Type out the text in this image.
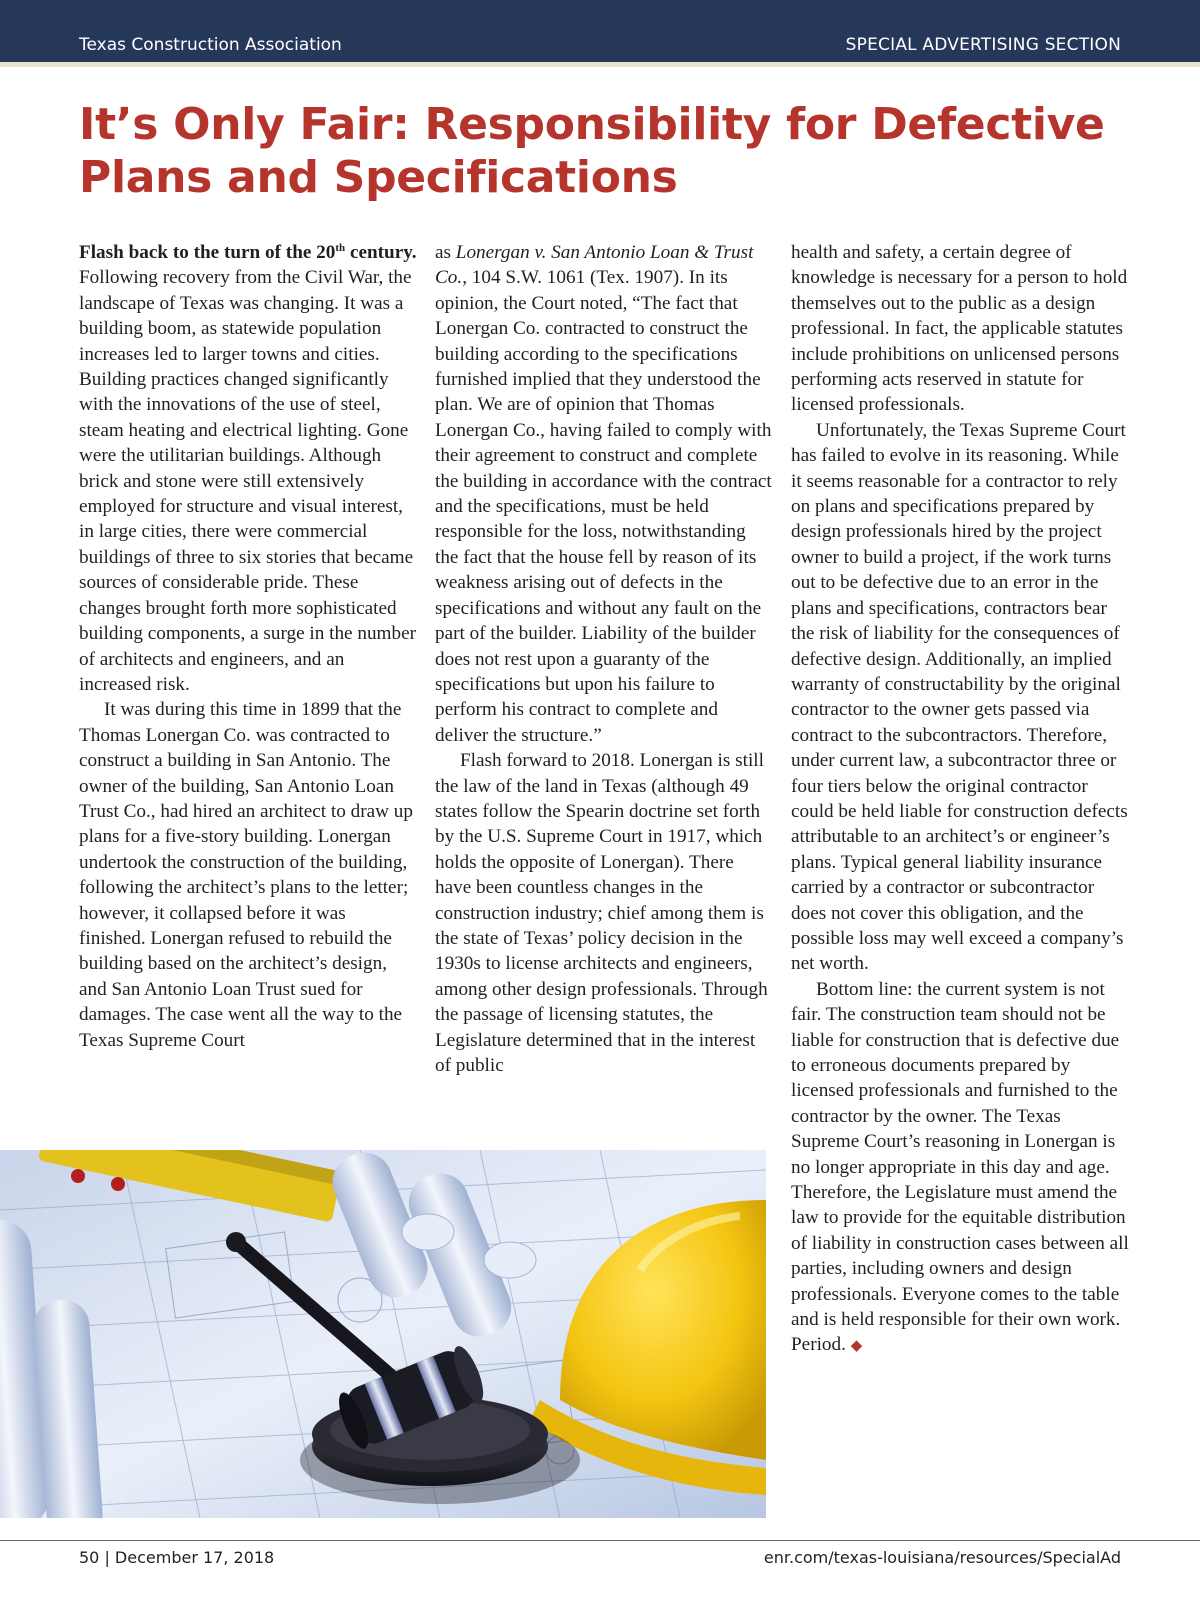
Texas Construction Association	SPECIAL ADVERTISING SECTION
It’s Only Fair: Responsibility for Defective Plans and Specifications

Flash back to the turn of the 20th century. Following recovery from the Civil War, the landscape of Texas was changing. It was a building boom, as statewide population increases led to larger towns and cities. Building practices changed significantly with the innovations of the use of steel, steam heating and electrical lighting. Gone were the utilitarian buildings. Although brick and stone were still extensively employed for structure and visual interest, in large cities, there were commercial buildings of three to six stories that became sources of considerable pride. These changes brought forth more sophisticated building components, a surge in the number of architects and engineers, and an increased risk.

It was during this time in 1899 that the Thomas Lonergan Co. was contracted to construct a building in San Antonio. The owner of the building, San Antonio Loan Trust Co., had hired an architect to draw up plans for a five-story building. Lonergan undertook the construction of the building, following the architect’s plans to the letter; however, it collapsed before it was finished. Lonergan refused to rebuild the building based on the architect’s design, and San Antonio Loan Trust sued for damages. The case went all the way to the Texas Supreme Court

as Lonergan v. San Antonio Loan & Trust Co., 104 S.W. 1061 (Tex. 1907). In its opinion, the Court noted, “The fact that Lonergan Co. contracted to construct the building according to the specifications furnished implied that they understood the plan. We are of opinion that Thomas Lonergan Co., having failed to comply with their agreement to construct and complete the building in accordance with the contract and the specifications, must be held responsible for the loss, notwithstanding the fact that the house fell by reason of its weakness arising out of defects in the specifications and without any fault on the part of the builder. Liability of the builder does not rest upon a guaranty of the specifications but upon his failure to perform his contract to complete and deliver the structure.”

Flash forward to 2018. Lonergan is still the law of the land in Texas (although 49 states follow the Spearin doctrine set forth by the U.S. Supreme Court in 1917, which holds the opposite of Lonergan). There have been countless changes in the construction industry; chief among them is the state of Texas’ policy decision in the 1930s to license architects and engineers, among other design professionals. Through the passage of licensing statutes, the Legislature determined that in the interest of public

health and safety, a certain degree of knowledge is necessary for a person to hold themselves out to the public as a design professional. In fact, the applicable statutes include prohibitions on unlicensed persons performing acts reserved in statute for licensed professionals.

Unfortunately, the Texas Supreme Court has failed to evolve in its reasoning. While it seems reasonable for a contractor to rely on plans and specifications prepared by design professionals hired by the project owner to build a project, if the work turns out to be defective due to an error in the plans and specifications, contractors bear the risk of liability for the consequences of defective design. Additionally, an implied warranty of constructability by the original contractor to the owner gets passed via contract to the subcontractors. Therefore, under current law, a subcontractor three or four tiers below the original contractor could be held liable for construction defects attributable to an architect’s or engineer’s plans. Typical general liability insurance carried by a contractor or subcontractor does not cover this obligation, and the possible loss may well exceed a company’s net worth.

Bottom line: the current system is not fair. The construction team should not be liable for construction that is defective due to erroneous documents prepared by licensed professionals and furnished to the contractor by the owner. The Texas Supreme Court’s reasoning in Lonergan is no longer appropriate in this day and age. Therefore, the Legislature must amend the law to provide for the equitable distribution of liability in construction cases between all parties, including owners and design professionals. Everyone comes to the table and is held responsible for their own work. Period. ◆

50 | December 17, 2018	enr.com/texas-louisiana/resources/SpecialAd
